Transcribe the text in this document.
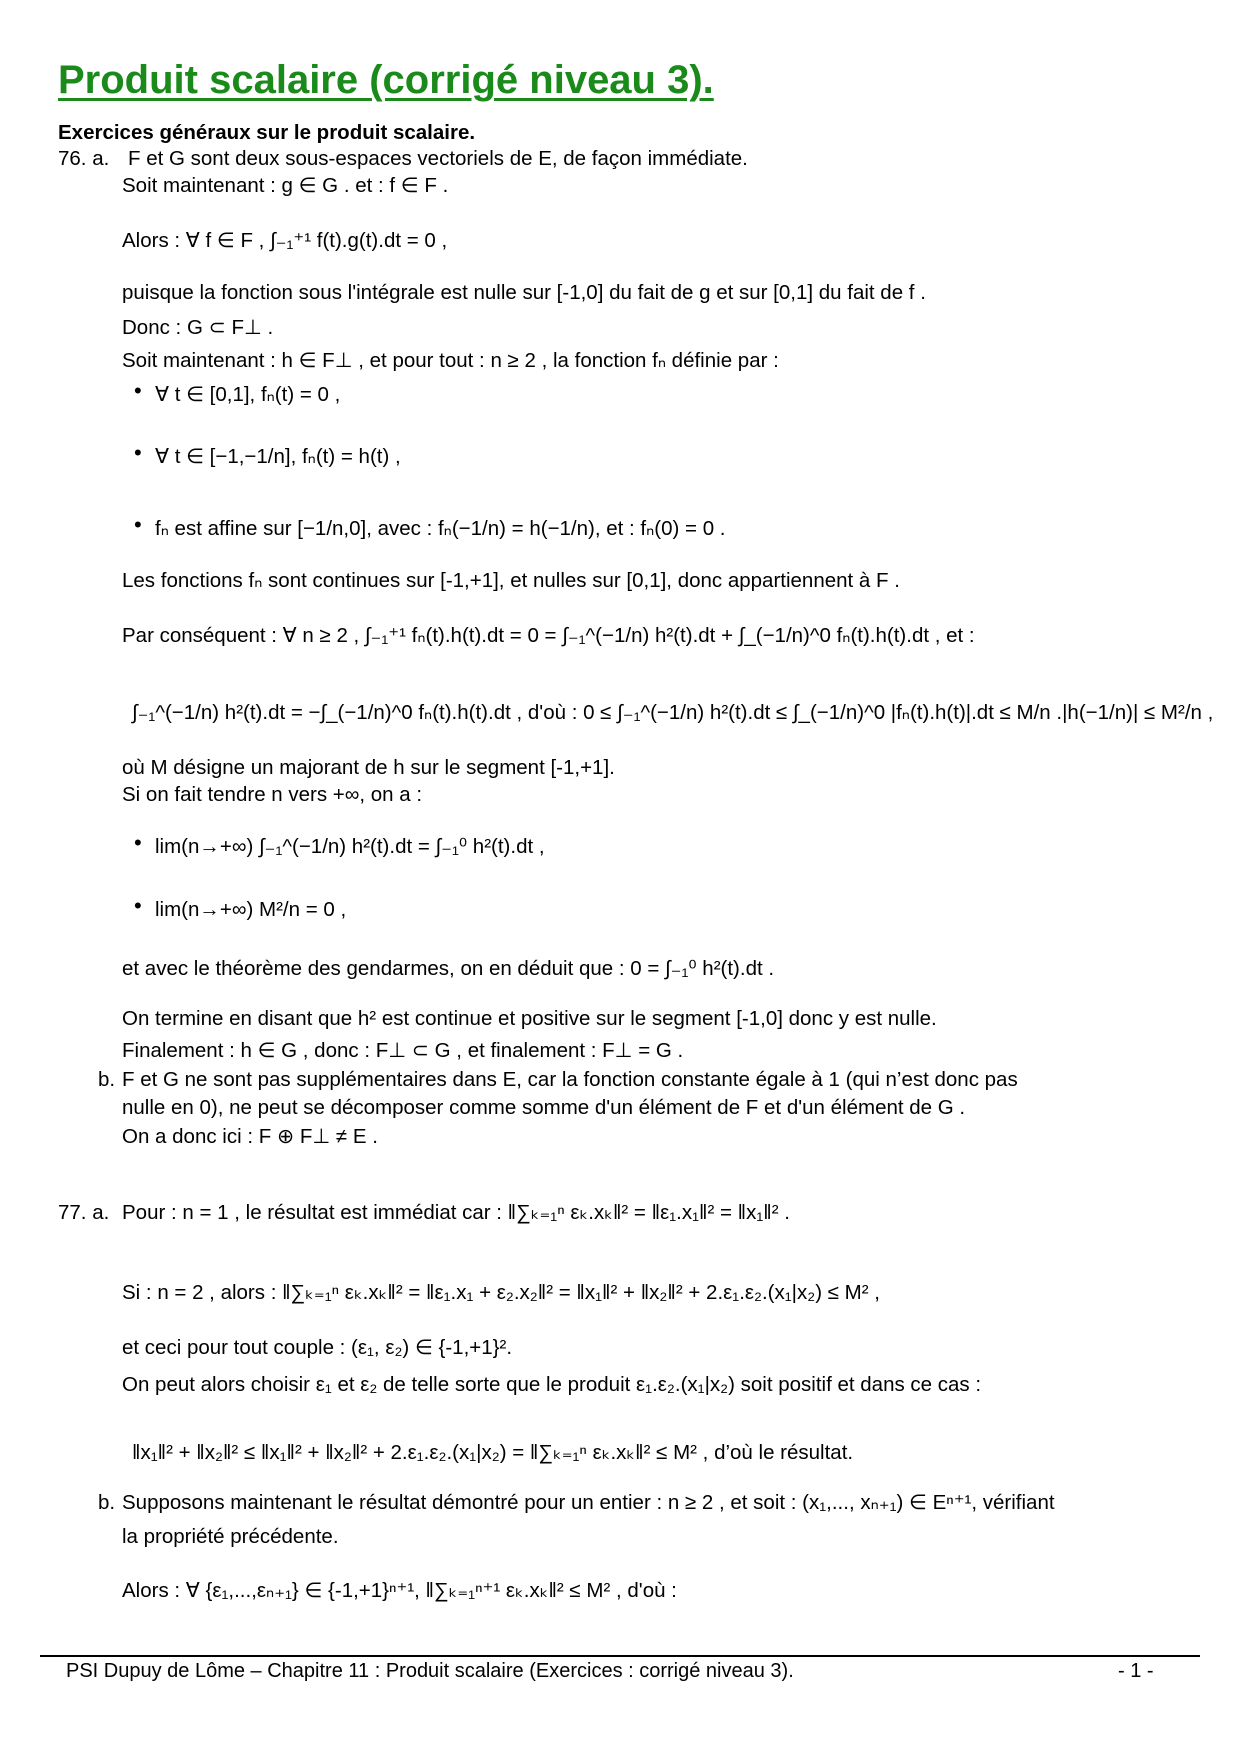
Produit scalaire (corrigé niveau 3).
Exercices généraux sur le produit scalaire.
76. a. F et G sont deux sous-espaces vectoriels de E, de façon immédiate.
Soit maintenant : g ∈ G . et : f ∈ F .
Alors : ∀ f ∈ F , ∫₋₁⁺¹ f(t).g(t).dt = 0 ,
puisque la fonction sous l'intégrale est nulle sur [-1,0] du fait de g et sur [0,1] du fait de f .
Donc : G ⊂ F⊥ .
Soit maintenant : h ∈ F⊥ , et pour tout : n ≥ 2 , la fonction fₙ définie par :
• ∀ t ∈ [0,1], fₙ(t) = 0 ,
• ∀ t ∈ [−1,−1/n], fₙ(t) = h(t) ,
• fₙ est affine sur [−1/n,0], avec : fₙ(−1/n) = h(−1/n), et : fₙ(0) = 0 .
Les fonctions fₙ sont continues sur [-1,+1], et nulles sur [0,1], donc appartiennent à F .
Par conséquent : ∀ n ≥ 2 , ∫₋₁⁺¹ fₙ(t).h(t).dt = 0 = ∫₋₁^(−1/n) h²(t).dt + ∫_(−1/n)^0 fₙ(t).h(t).dt , et :
∫₋₁^(−1/n) h²(t).dt = −∫_(−1/n)^0 fₙ(t).h(t).dt , d'où : 0 ≤ ∫₋₁^(−1/n) h²(t).dt ≤ ∫_(−1/n)^0 |fₙ(t).h(t)|.dt ≤ M/n .|h(−1/n)| ≤ M²/n ,
où M désigne un majorant de h sur le segment [-1,+1].
Si on fait tendre n vers +∞, on a :
• lim(n→+∞) ∫₋₁^(−1/n) h²(t).dt = ∫₋₁⁰ h²(t).dt ,
• lim(n→+∞) M²/n = 0 ,
et avec le théorème des gendarmes, on en déduit que : 0 = ∫₋₁⁰ h²(t).dt .
On termine en disant que h² est continue et positive sur le segment [-1,0] donc y est nulle.
Finalement : h ∈ G , donc : F⊥ ⊂ G , et finalement : F⊥ = G .
b. F et G ne sont pas supplémentaires dans E, car la fonction constante égale à 1 (qui n’est donc pas
nulle en 0), ne peut se décomposer comme somme d'un élément de F et d'un élément de G .
On a donc ici : F ⊕ F⊥ ≠ E .
77. a. Pour : n = 1 , le résultat est immédiat car : ‖∑ₖ₌₁ⁿ εₖ.xₖ‖² = ‖ε₁.x₁‖² = ‖x₁‖² .
Si : n = 2 , alors : ‖∑ₖ₌₁ⁿ εₖ.xₖ‖² = ‖ε₁.x₁ + ε₂.x₂‖² = ‖x₁‖² + ‖x₂‖² + 2.ε₁.ε₂.(x₁|x₂) ≤ M² ,
et ceci pour tout couple : (ε₁, ε₂) ∈ {-1,+1}².
On peut alors choisir ε₁ et ε₂ de telle sorte que le produit ε₁.ε₂.(x₁|x₂) soit positif et dans ce cas :
‖x₁‖² + ‖x₂‖² ≤ ‖x₁‖² + ‖x₂‖² + 2.ε₁.ε₂.(x₁|x₂) = ‖∑ₖ₌₁ⁿ εₖ.xₖ‖² ≤ M² , d’où le résultat.
b. Supposons maintenant le résultat démontré pour un entier : n ≥ 2 , et soit : (x₁,..., xₙ₊₁) ∈ Eⁿ⁺¹, vérifiant
la propriété précédente.
Alors : ∀ {ε₁,...,εₙ₊₁} ∈ {-1,+1}ⁿ⁺¹, ‖∑ₖ₌₁ⁿ⁺¹ εₖ.xₖ‖² ≤ M² , d'où :
PSI Dupuy de Lôme – Chapitre 11 : Produit scalaire (Exercices : corrigé niveau 3).	- 1 -
